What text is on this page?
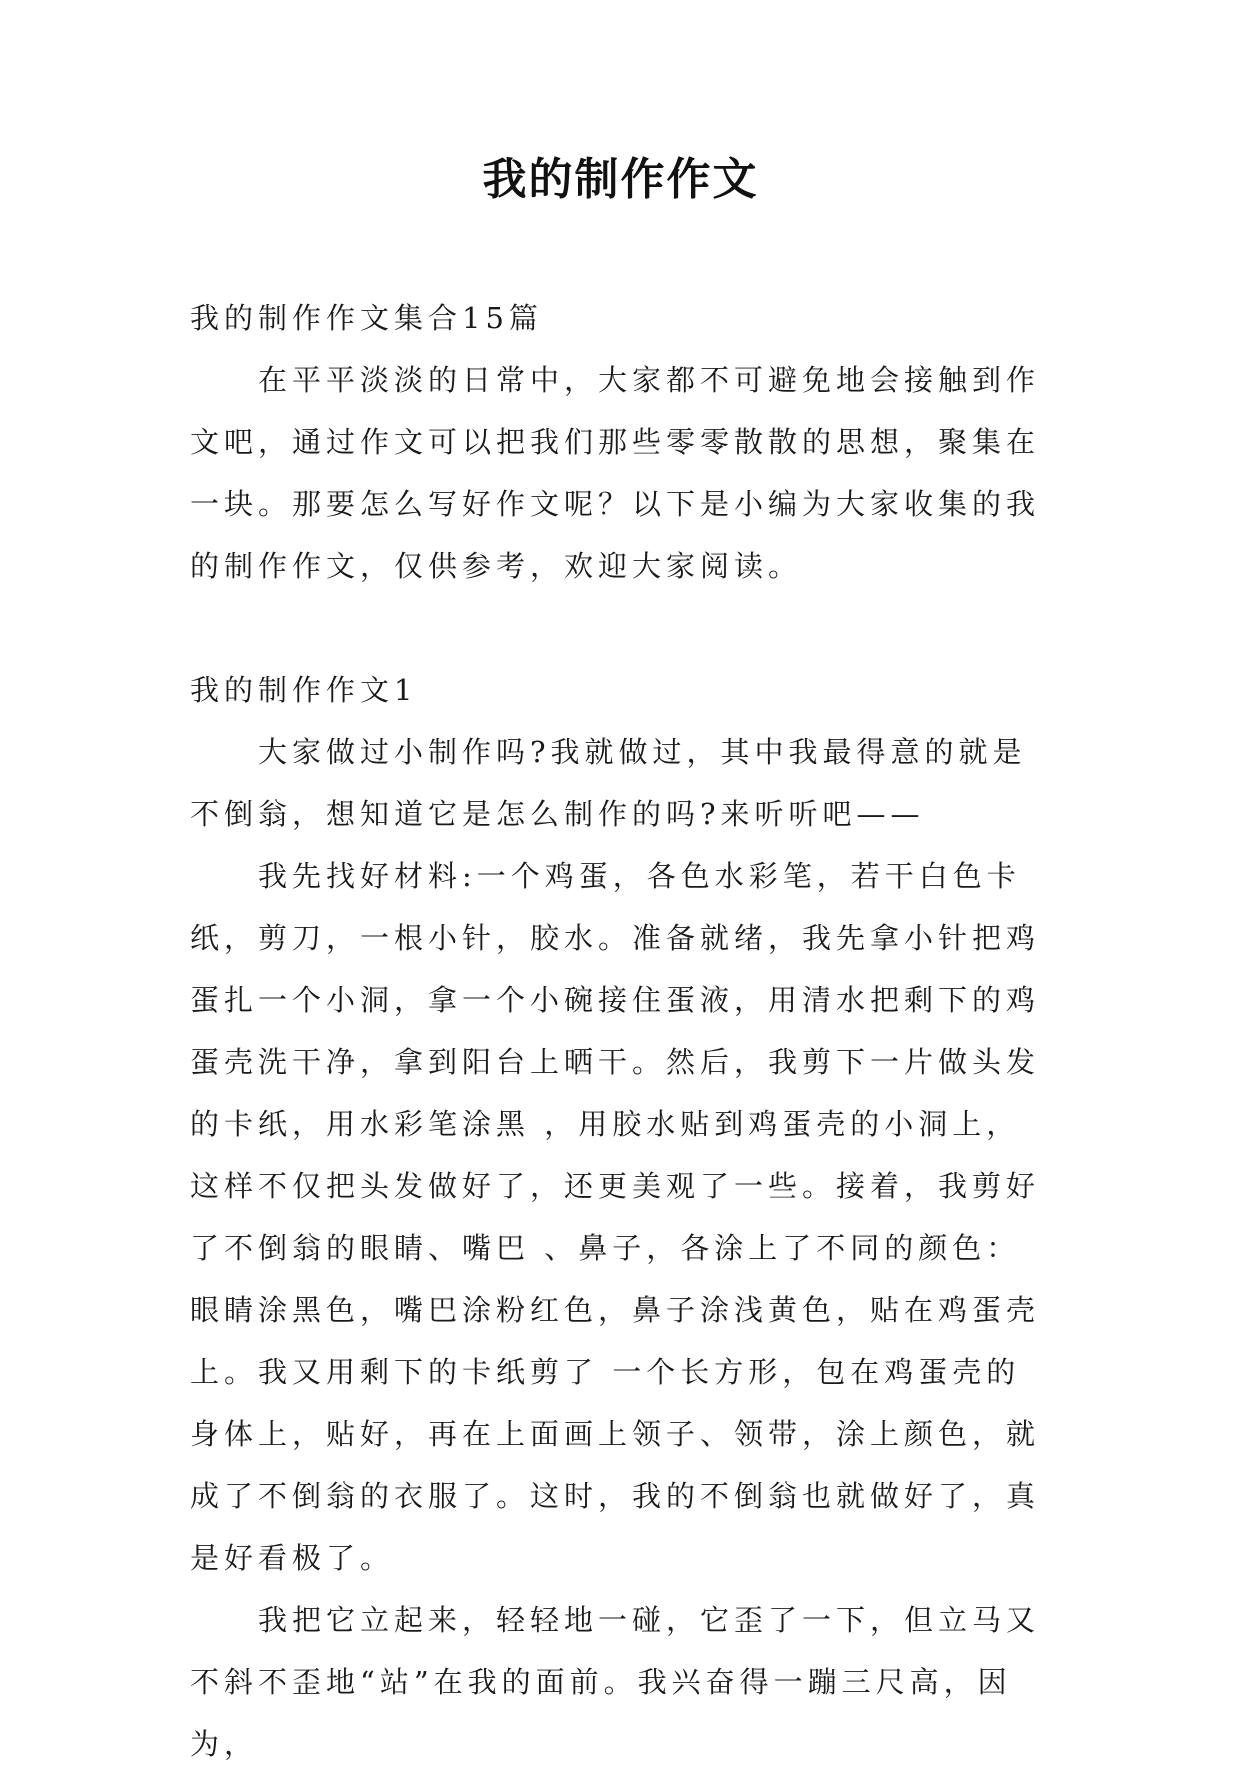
我的制作作文

我的制作作文集合15篇

在平平淡淡的日常中，大家都不可避免地会接触到作文吧，通过作文可以把我们那些零零散散的思想，聚集在一块。那要怎么写好作文呢？以下是小编为大家收集的我的制作作文，仅供参考，欢迎大家阅读。

我的制作作文1

大家做过小制作吗?我就做过，其中我最得意的就是不倒翁，想知道它是怎么制作的吗?来听听吧——

我先找好材料:一个鸡蛋，各色水彩笔，若干白色卡纸，剪刀，一根小针，胶水。准备就绪，我先拿小针把鸡蛋扎一个小洞，拿一个小碗接住蛋液，用清水把剩下的鸡蛋壳洗干净，拿到阳台上晒干。然后，我剪下一片做头发的卡纸，用水彩笔涂黑 ，用胶水贴到鸡蛋壳的小洞上，这样不仅把头发做好了，还更美观了一些。接着，我剪好了不倒翁的眼睛、嘴巴 、鼻子，各涂上了不同的颜色：眼睛涂黑色，嘴巴涂粉红色，鼻子涂浅黄色，贴在鸡蛋壳上。我又用剩下的卡纸剪了 一个长方形，包在鸡蛋壳的身体上，贴好，再在上面画上领子、领带，涂上颜色，就成了不倒翁的衣服了。这时，我的不倒翁也就做好了，真是好看极了。

我把它立起来，轻轻地一碰，它歪了一下，但立马又不斜不歪地“站”在我的面前。我兴奋得一蹦三尺高，因为，
